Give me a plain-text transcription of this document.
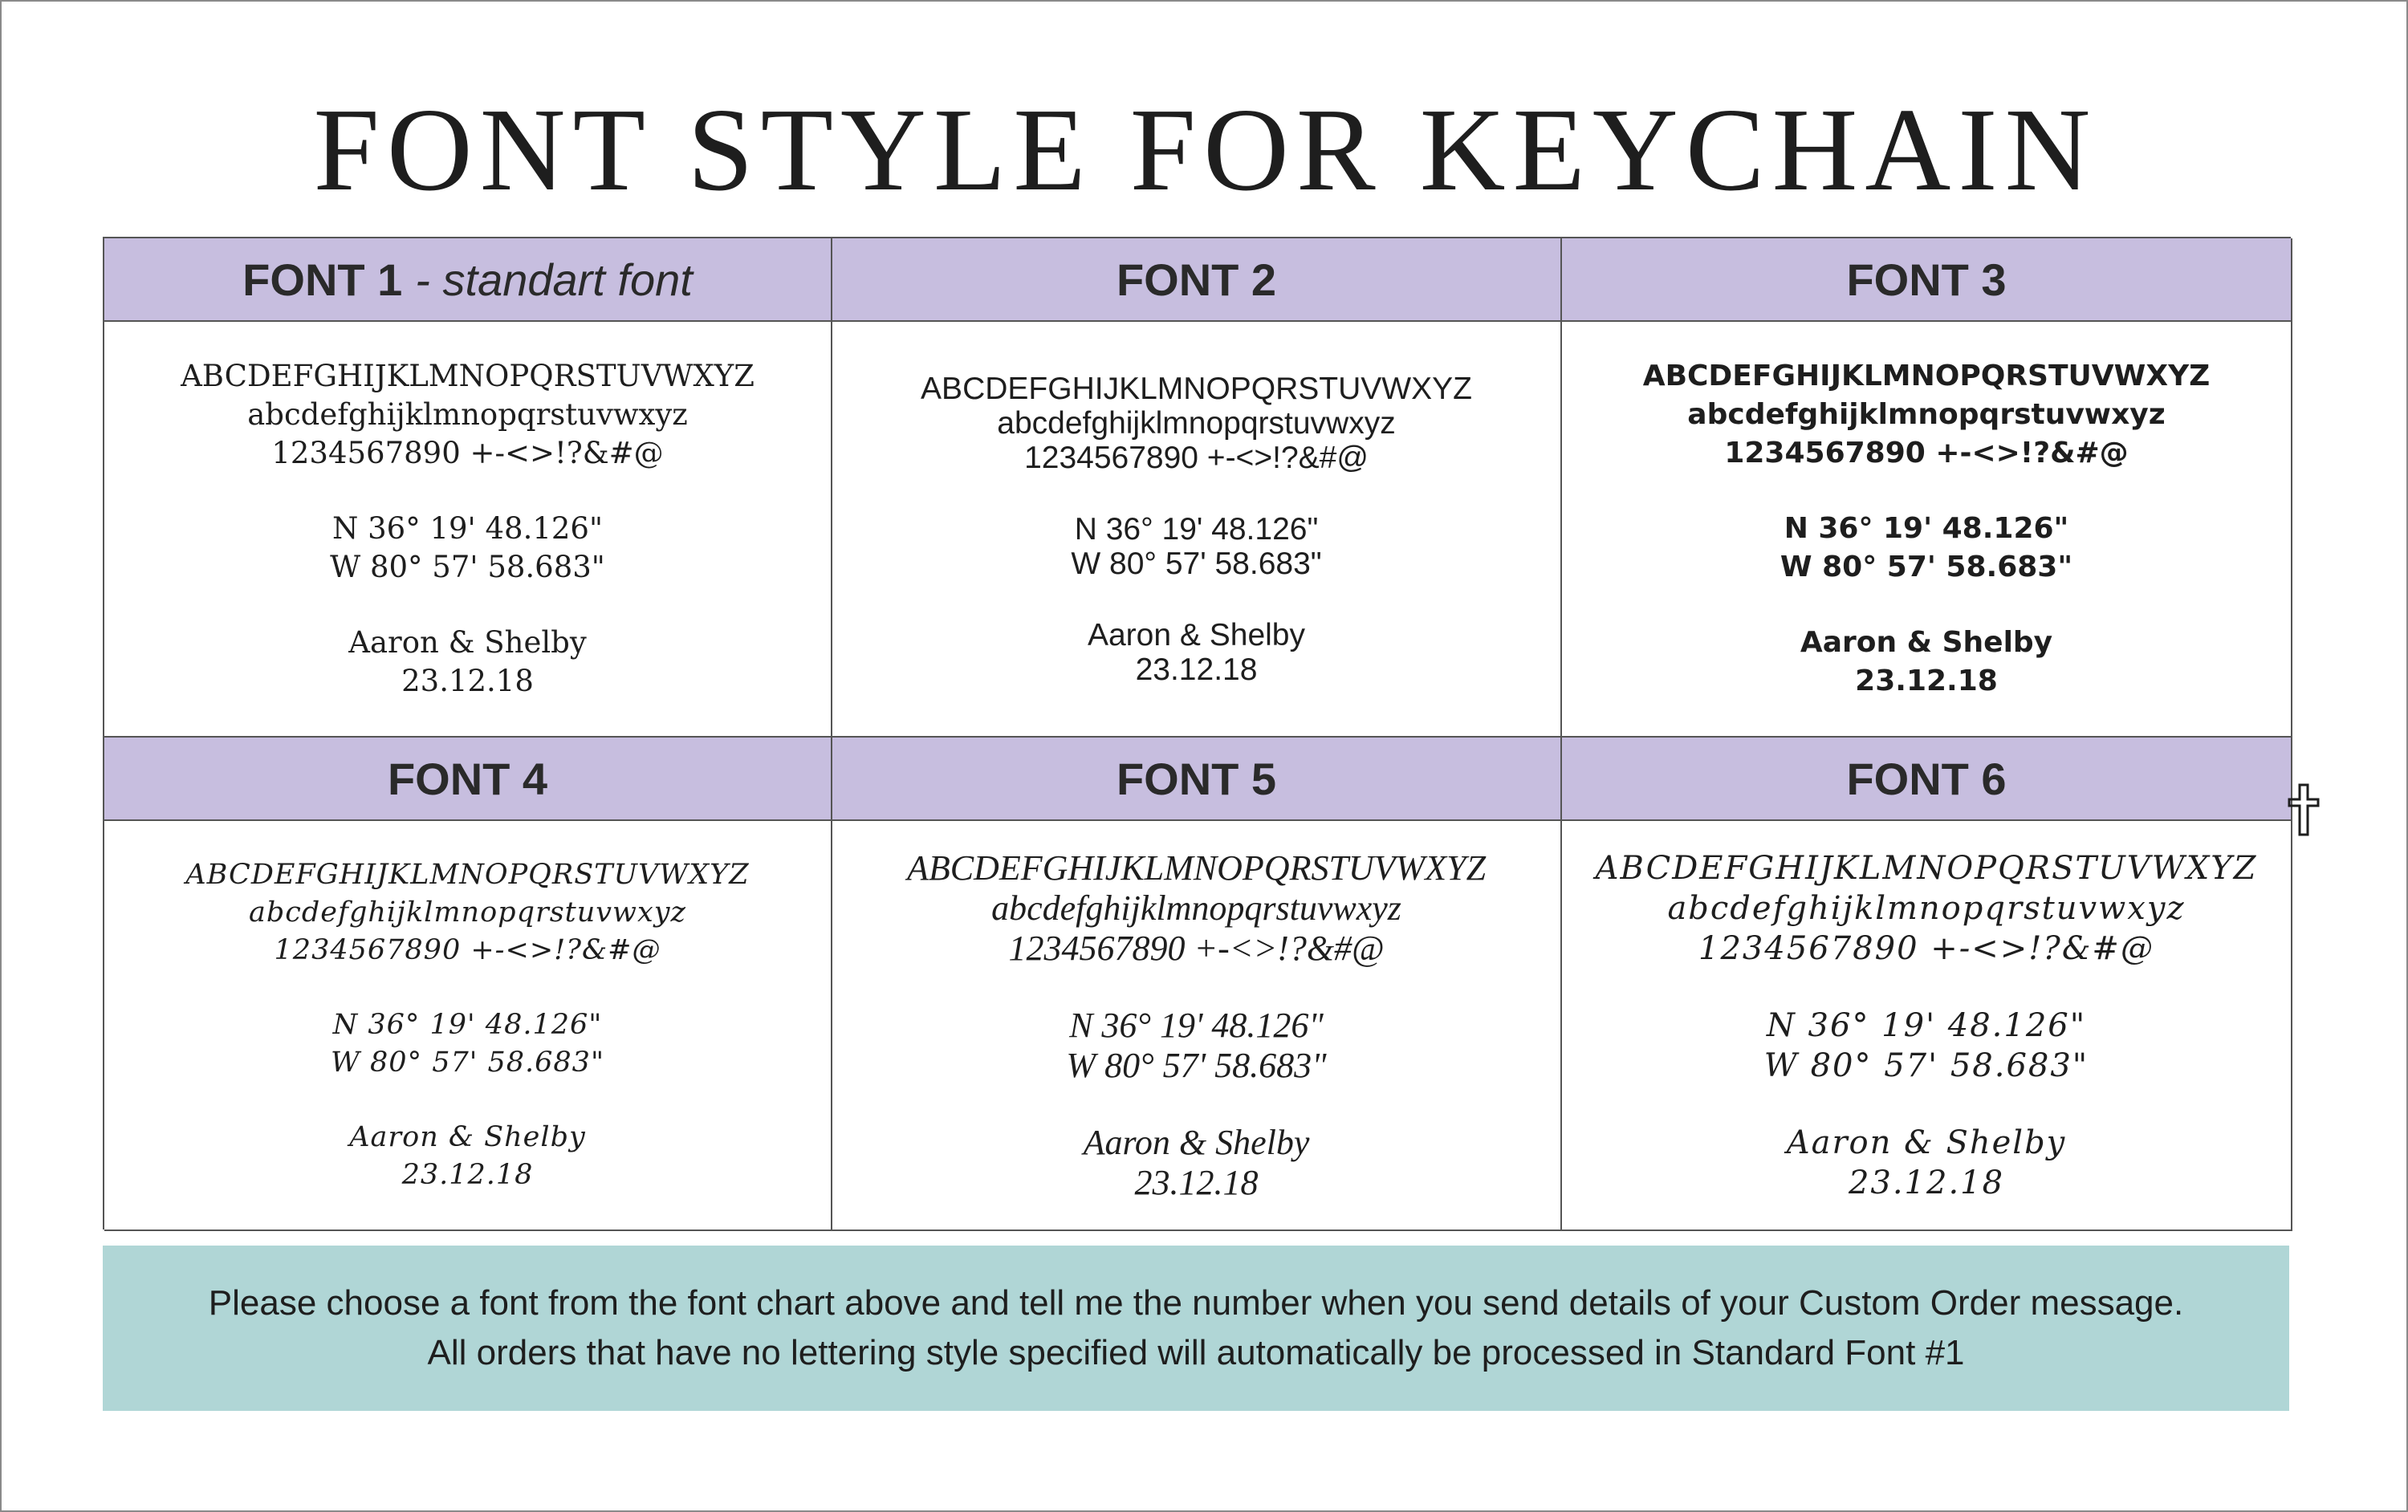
FONT STYLE FOR KEYCHAIN
FONT 1 - standart font
ABCDEFGHIJKLMNOPQRSTUVWXYZ
abcdefghijklmnopqrstuvwxyz
1234567890 +-<>!?&#@
N 36° 19' 48.126"
W 80° 57' 58.683"
Aaron & Shelby
23.12.18
FONT 2
ABCDEFGHIJKLMNOPQRSTUVWXYZ
abcdefghijklmnopqrstuvwxyz
1234567890 +-<>!?&#@
N 36° 19' 48.126"
W 80° 57' 58.683"
Aaron & Shelby
23.12.18
FONT 3
ABCDEFGHIJKLMNOPQRSTUVWXYZ
abcdefghijklmnopqrstuvwxyz
1234567890 +-<>!?&#@
N 36° 19' 48.126"
W 80° 57' 58.683"
Aaron & Shelby
23.12.18
FONT 4
ABCDEFGHIJKLMNOPQRSTUVWXYZ
abcdefghijklmnopqrstuvwxyz
1234567890 +-<>!?&#@
N 36° 19' 48.126"
W 80° 57' 58.683"
Aaron & Shelby
23.12.18
FONT 5
ABCDEFGHIJKLMNOPQRSTUVWXYZ
abcdefghijklmnopqrstuvwxyz
1234567890 +-<>!?&#@
N 36° 19' 48.126"
W 80° 57' 58.683"
Aaron & Shelby
23.12.18
FONT 6
ABCDEFGHIJKLMNOPQRSTUVWXYZ
abcdefghijklmnopqrstuvwxyz
1234567890 +-<>!?&#@
N 36° 19' 48.126"
W 80° 57' 58.683"
Aaron & Shelby
23.12.18
Please choose a font from the font chart above and tell me the number when you send details of your Custom Order message.
All orders that have no lettering style specified will automatically be processed in Standard Font #1
